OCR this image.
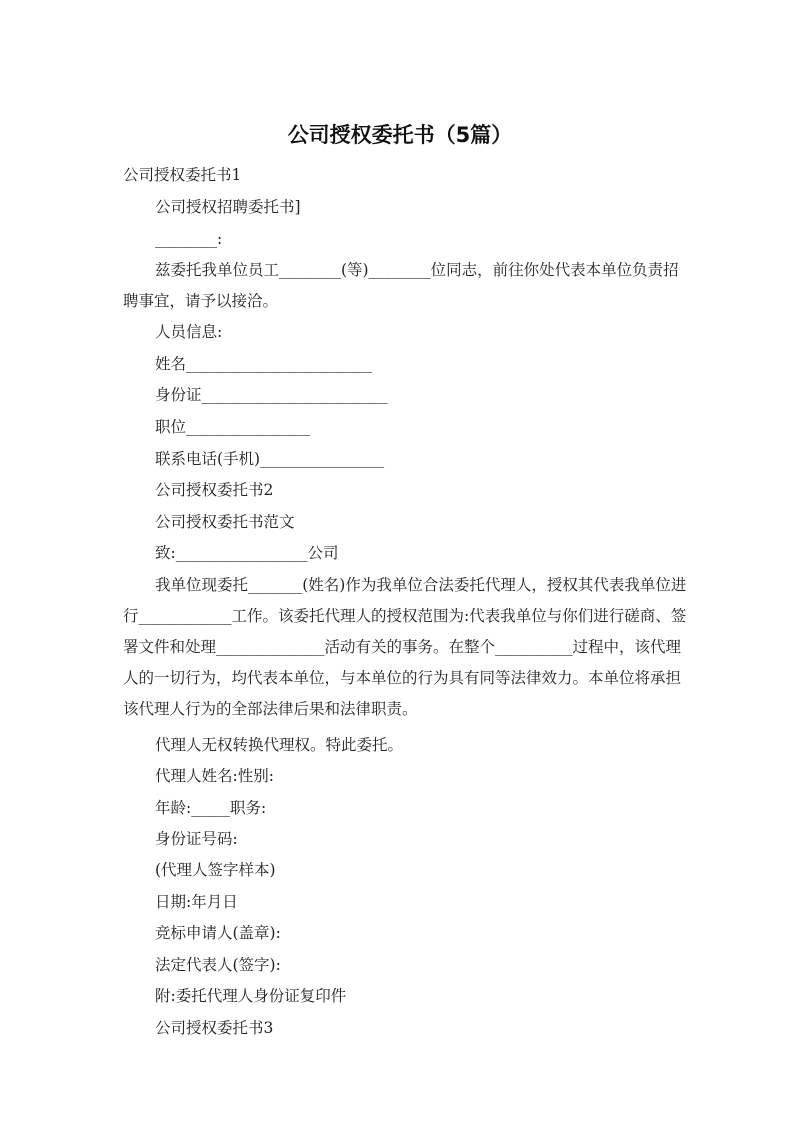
公司授权委托书（5篇）
公司授权委托书1
公司授权招聘委托书]
________:
兹委托我单位员工________(等)________位同志，前往你处代表本单位负责招聘事宜，请予以接洽。
人员信息:
姓名________________________
身份证________________________
职位________________
联系电话(手机)________________
公司授权委托书2
公司授权委托书范文
致:_________________公司
我单位现委托_______(姓名)作为我单位合法委托代理人，授权其代表我单位进行____________工作。该委托代理人的授权范围为:代表我单位与你们进行磋商、签署文件和处理______________活动有关的事务。在整个__________过程中，该代理人的一切行为，均代表本单位，与本单位的行为具有同等法律效力。本单位将承担该代理人行为的全部法律后果和法律职责。
代理人无权转换代理权。特此委托。
代理人姓名:性别:
年龄:_____职务:
身份证号码:
(代理人签字样本)
日期:年月日
竞标申请人(盖章):
法定代表人(签字):
附:委托代理人身份证复印件
公司授权委托书3
